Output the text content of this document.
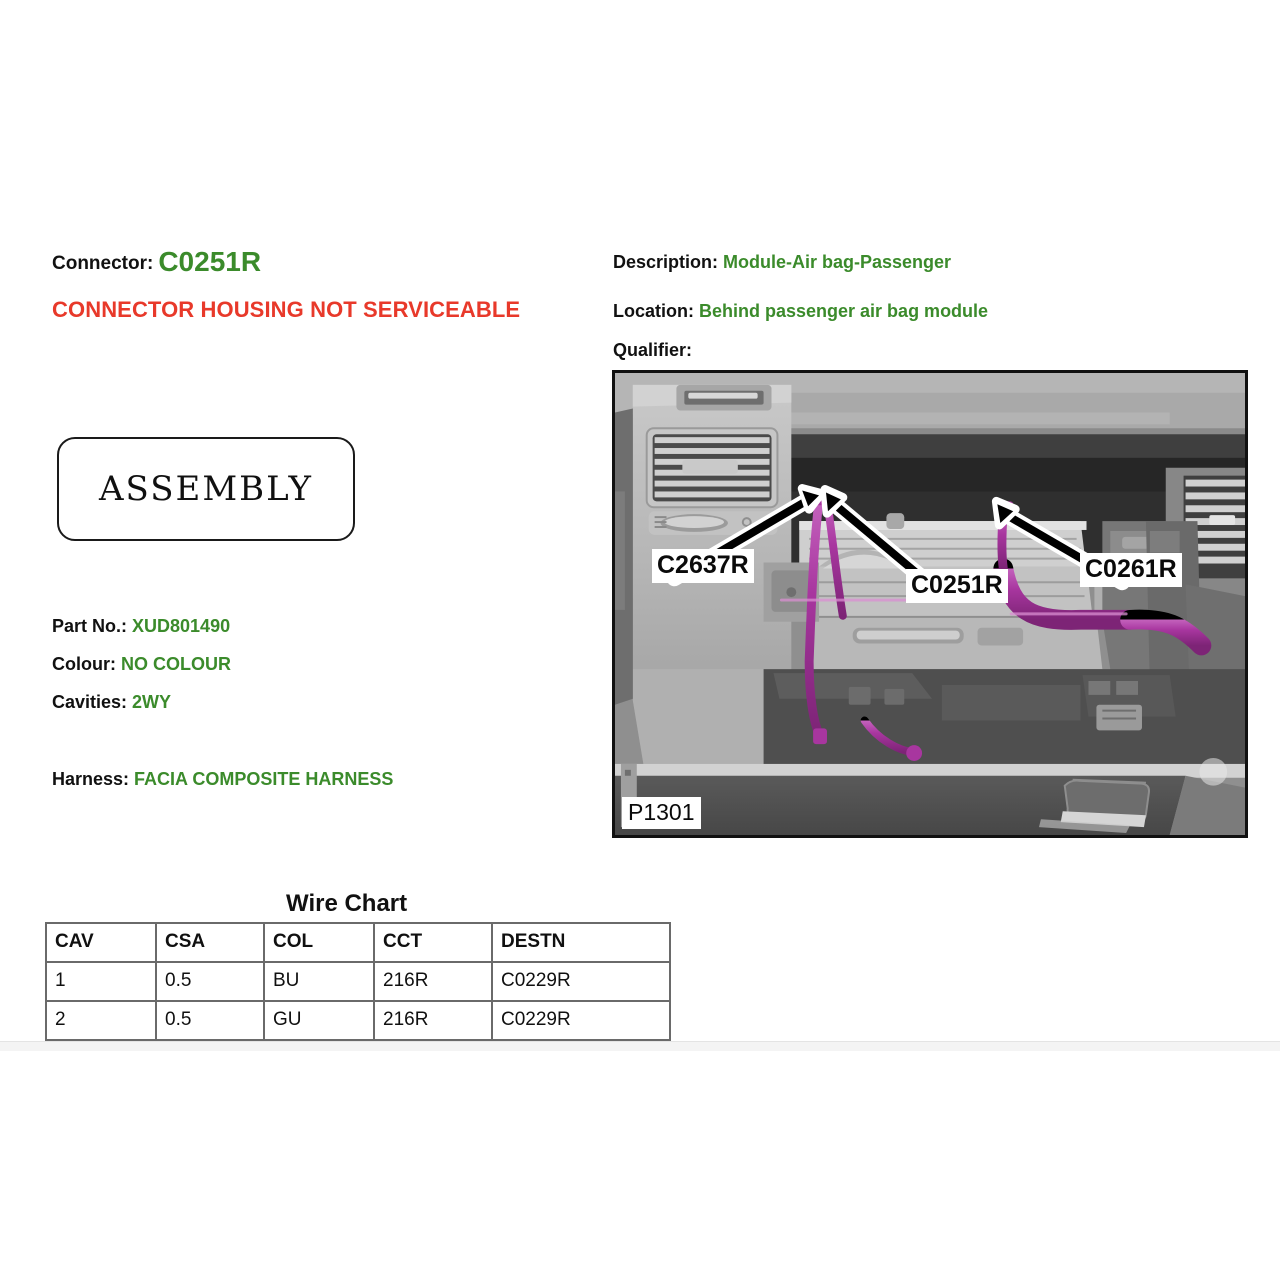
Connector: C0251R
CONNECTOR HOUSING NOT SERVICEABLE
Description: Module-Air bag-Passenger
Location: Behind passenger air bag module
Qualifier:
ASSEMBLY
Part No.: XUD801490
Colour: NO COLOUR
Cavities: 2WY
Harness: FACIA COMPOSITE HARNESS
C2637R
C0251R
C0261R
P1301
Wire Chart
CAV	CSA	COL	CCT	DESTN
1	0.5	BU	216R	C0229R
2	0.5	GU	216R	C0229R
